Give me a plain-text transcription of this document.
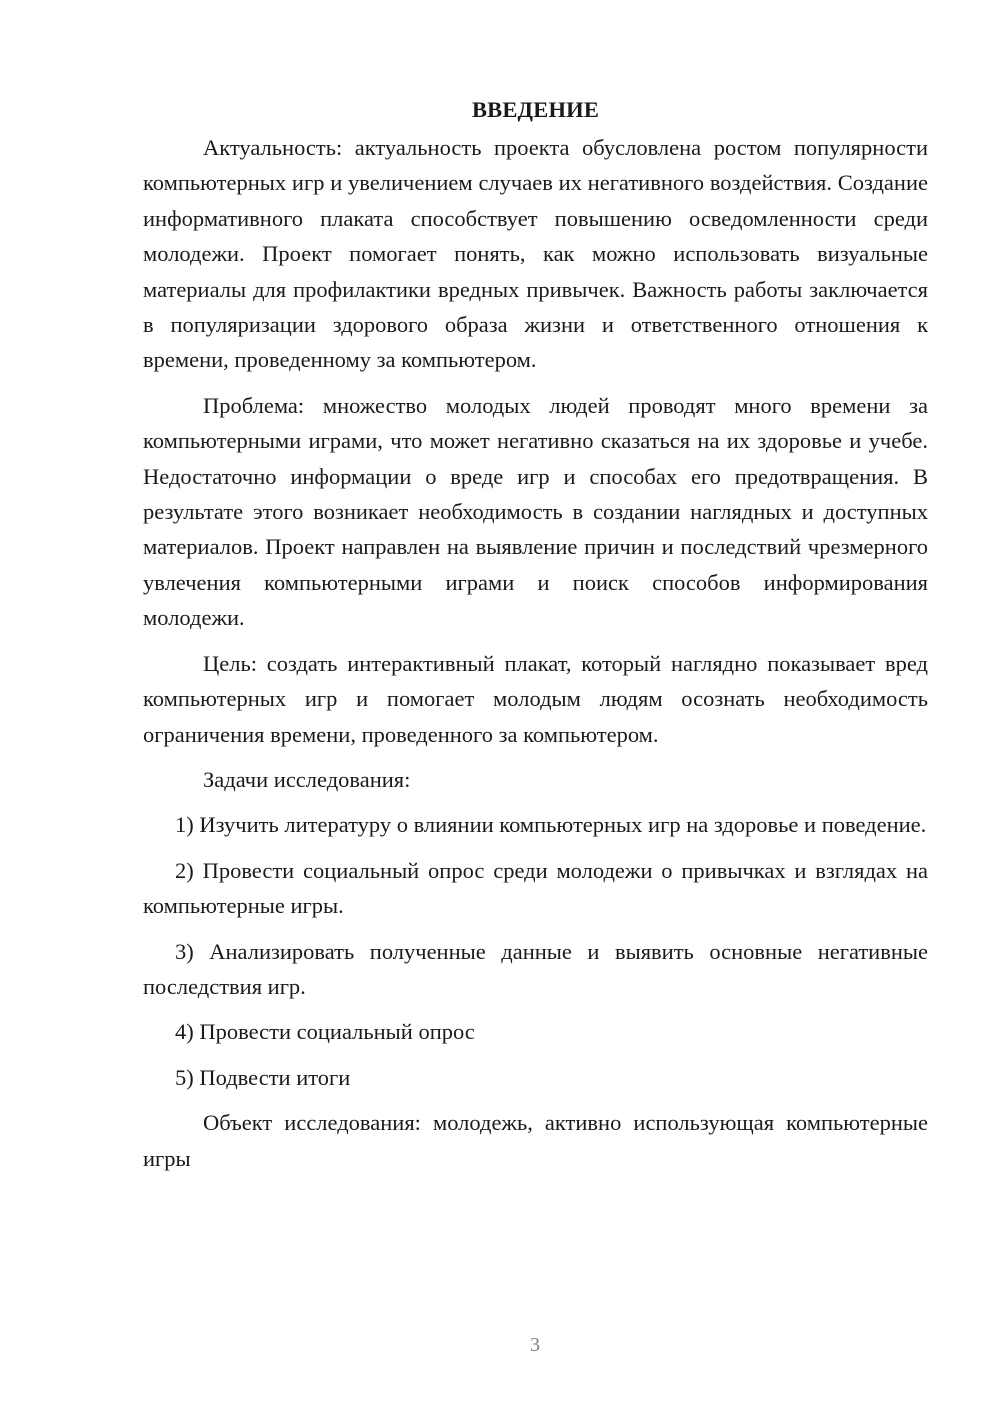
ВВЕДЕНИЕ

Актуальность: актуальность проекта обусловлена ростом популярности компьютерных игр и увеличением случаев их негативного воздействия. Создание информативного плаката способствует повышению осведомленности среди молодежи. Проект помогает понять, как можно использовать визуальные материалы для профилактики вредных привычек. Важность работы заключается в популяризации здорового образа жизни и ответственного отношения к времени, проведенному за компьютером.

Проблема: множество молодых людей проводят много времени за компьютерными играми, что может негативно сказаться на их здоровье и учебе. Недостаточно информации о вреде игр и способах его предотвращения. В результате этого возникает необходимость в создании наглядных и доступных материалов. Проект направлен на выявление причин и последствий чрезмерного увлечения компьютерными играми и поиск способов информирования молодежи.

Цель: создать интерактивный плакат, который наглядно показывает вред компьютерных игр и помогает молодым людям осознать необходимость ограничения времени, проведенного за компьютером.

Задачи исследования:

1) Изучить литературу о влиянии компьютерных игр на здоровье и поведение.

2) Провести социальный опрос среди молодежи о привычках и взглядах на компьютерные игры.

3) Анализировать полученные данные и выявить основные негативные последствия игр.

4) Провести социальный опрос

5) Подвести итоги

Объект исследования: молодежь, активно использующая компьютерные игры

3
